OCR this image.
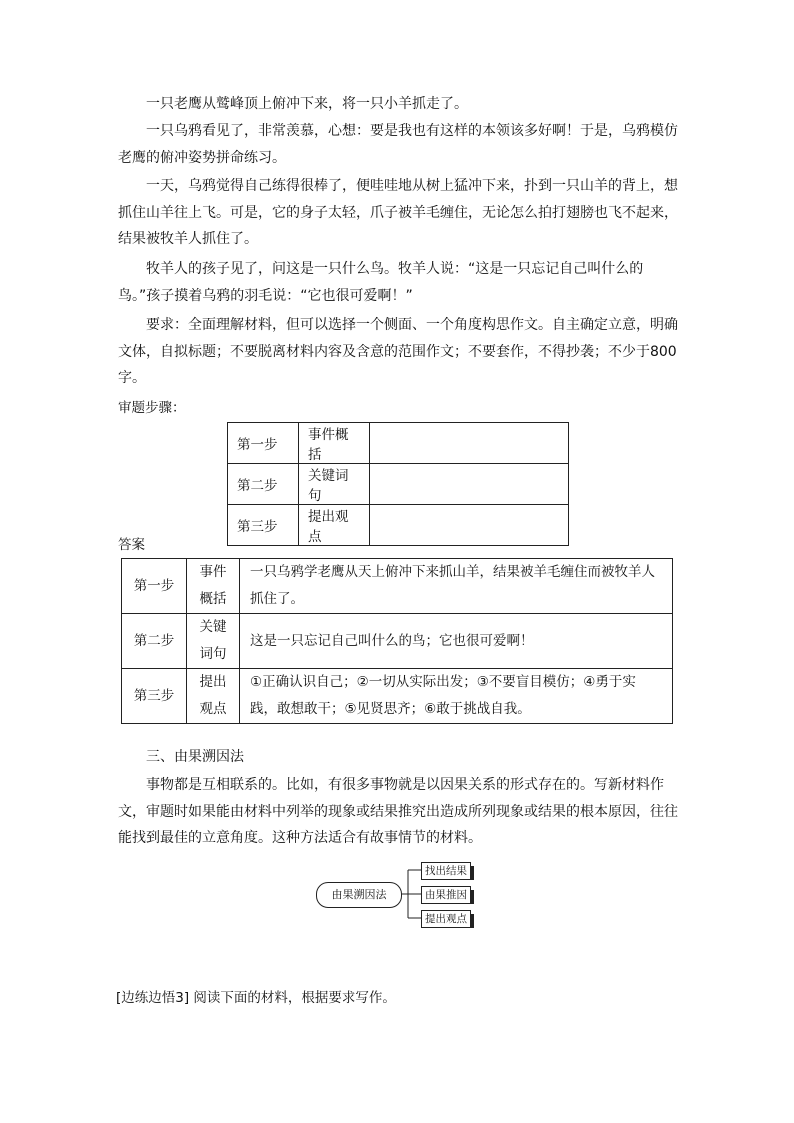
一只老鹰从鹫峰顶上俯冲下来，将一只小羊抓走了。

一只乌鸦看见了，非常羡慕，心想：要是我也有这样的本领该多好啊！于是，乌鸦模仿老鹰的俯冲姿势拼命练习。

一天，乌鸦觉得自己练得很棒了，便哇哇地从树上猛冲下来，扑到一只山羊的背上，想抓住山羊往上飞。可是，它的身子太轻，爪子被羊毛缠住，无论怎么拍打翅膀也飞不起来，结果被牧羊人抓住了。

牧羊人的孩子见了，问这是一只什么鸟。牧羊人说：“这是一只忘记自己叫什么的鸟。”孩子摸着乌鸦的羽毛说：“它也很可爱啊！”

要求：全面理解材料，但可以选择一个侧面、一个角度构思作文。自主确定立意，明确文体，自拟标题；不要脱离材料内容及含意的范围作文；不要套作，不得抄袭；不少于800字。

审题步骤：

第一步	事件概括	
第二步	关键词句	
第三步	提出观点	

答案

第一步	事件概括	一只乌鸦学老鹰从天上俯冲下来抓山羊，结果被羊毛缠住而被牧羊人抓住了。
第二步	关键词句	这是一只忘记自己叫什么的鸟；它也很可爱啊！
第三步	提出观点	①正确认识自己；②一切从实际出发；③不要盲目模仿；④勇于实践，敢想敢干；⑤见贤思齐；⑥敢于挑战自我。

三、由果溯因法

事物都是互相联系的。比如，有很多事物就是以因果关系的形式存在的。写新材料作文，审题时如果能由材料中列举的现象或结果推究出造成所列现象或结果的根本原因，往往能找到最佳的立意角度。这种方法适合有故事情节的材料。

由果溯因法
找出结果
由果推因
提出观点

[边练边悟3] 阅读下面的材料，根据要求写作。
